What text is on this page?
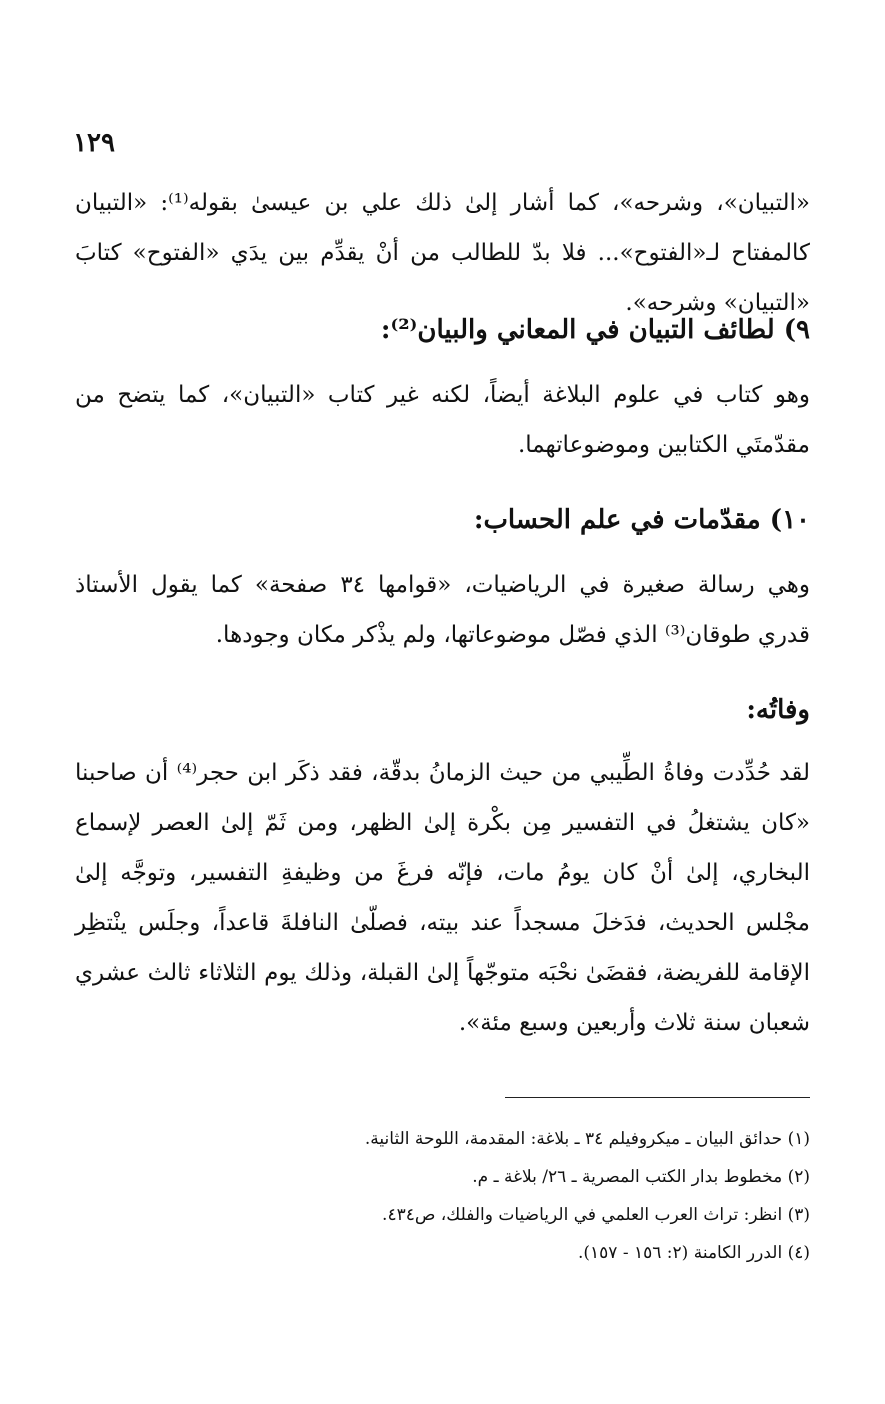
١٢٩
«التبيان»، وشرحه»، كما أشار إلىٰ ذلك علي بن عيسىٰ بقوله⁽¹⁾: «التبيان كالمفتاح لـ«الفتوح»... فلا بدّ للطالب من أنْ يقدِّم بين يدَي «الفتوح» كتابَ «التبيان» وشرحه».
٩) لطائف التبيان في المعاني والبيان⁽²⁾:
وهو كتاب في علوم البلاغة أيضاً، لكنه غير كتاب «التبيان»، كما يتضح من مقدّمتَي الكتابين وموضوعاتهما.
١٠) مقدّمات في علم الحساب:
وهي رسالة صغيرة في الرياضيات، «قوامها ٣٤ صفحة» كما يقول الأستاذ قدري طوقان⁽³⁾ الذي فصّل موضوعاتها، ولم يذْكر مكان وجودها.
وفاتُه:
لقد حُدِّدت وفاةُ الطِّيبي من حيث الزمانُ بدقّة، فقد ذكَر ابن حجر⁽⁴⁾ أن صاحبنا «كان يشتغلُ في التفسير مِن بكْرة إلىٰ الظهر، ومن ثَمّ إلىٰ العصر لإسماع البخاري، إلىٰ أنْ كان يومُ مات، فإنّه فرغَ من وظيفةِ التفسير، وتوجَّه إلىٰ مجْلس الحديث، فدَخلَ مسجداً عند بيته، فصلّىٰ النافلةَ قاعداً، وجلَس ينْتظِر الإقامة للفريضة، فقضَىٰ نحْبَه متوجّهاً إلىٰ القبلة، وذلك يوم الثلاثاء ثالث عشري شعبان سنة ثلاث وأربعين وسبع مئة».
(١) حدائق البيان ـ ميكروفيلم ٣٤ ـ بلاغة: المقدمة، اللوحة الثانية.
(٢) مخطوط بدار الكتب المصرية ـ ٢٦/ بلاغة ـ م.
(٣) انظر: تراث العرب العلمي في الرياضيات والفلك، ص٤٣٤.
(٤) الدرر الكامنة (٢: ١٥٦ - ١٥٧).
